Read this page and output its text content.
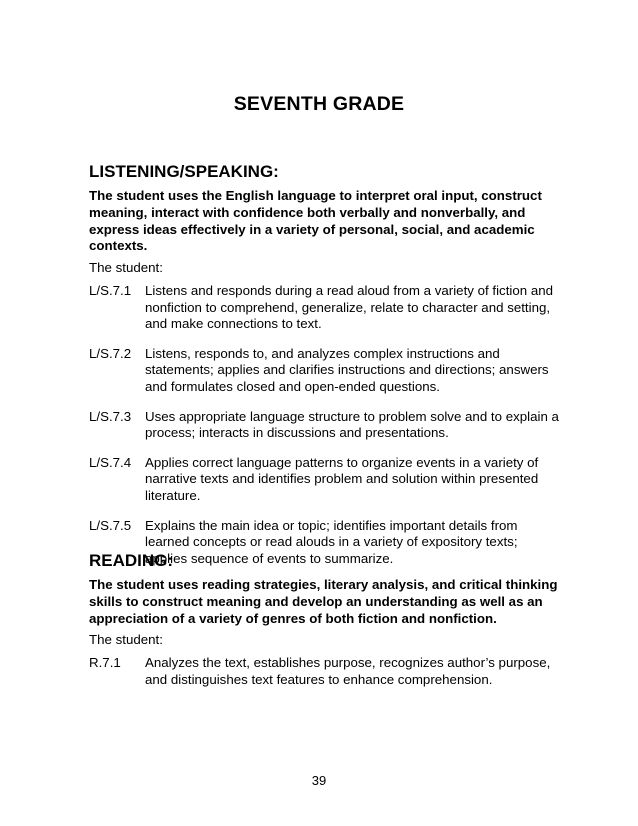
SEVENTH GRADE
LISTENING/SPEAKING:
The student uses the English language to interpret oral input, construct meaning, interact with confidence both verbally and nonverbally, and express ideas effectively in a variety of personal, social, and academic contexts.
The student:
L/S.7.1	Listens and responds during a read aloud from a variety of fiction and nonfiction to comprehend, generalize, relate to character and setting, and make connections to text.
L/S.7.2	Listens, responds to, and analyzes complex instructions and statements; applies and clarifies instructions and directions; answers and formulates closed and open-ended questions.
L/S.7.3	Uses appropriate language structure to problem solve and to explain a process; interacts in discussions and presentations.
L/S.7.4	Applies correct language patterns to organize events in a variety of narrative texts and identifies problem and solution within presented literature.
L/S.7.5	Explains the main idea or topic; identifies important details from learned concepts or read alouds in a variety of expository texts; applies sequence of events to summarize.
READING:
The student uses reading strategies, literary analysis, and critical thinking skills to construct meaning and develop an understanding as well as an appreciation of a variety of genres of both fiction and nonfiction.
The student:
R.7.1	Analyzes the text, establishes purpose, recognizes author’s purpose, and distinguishes text features to enhance comprehension.
39
